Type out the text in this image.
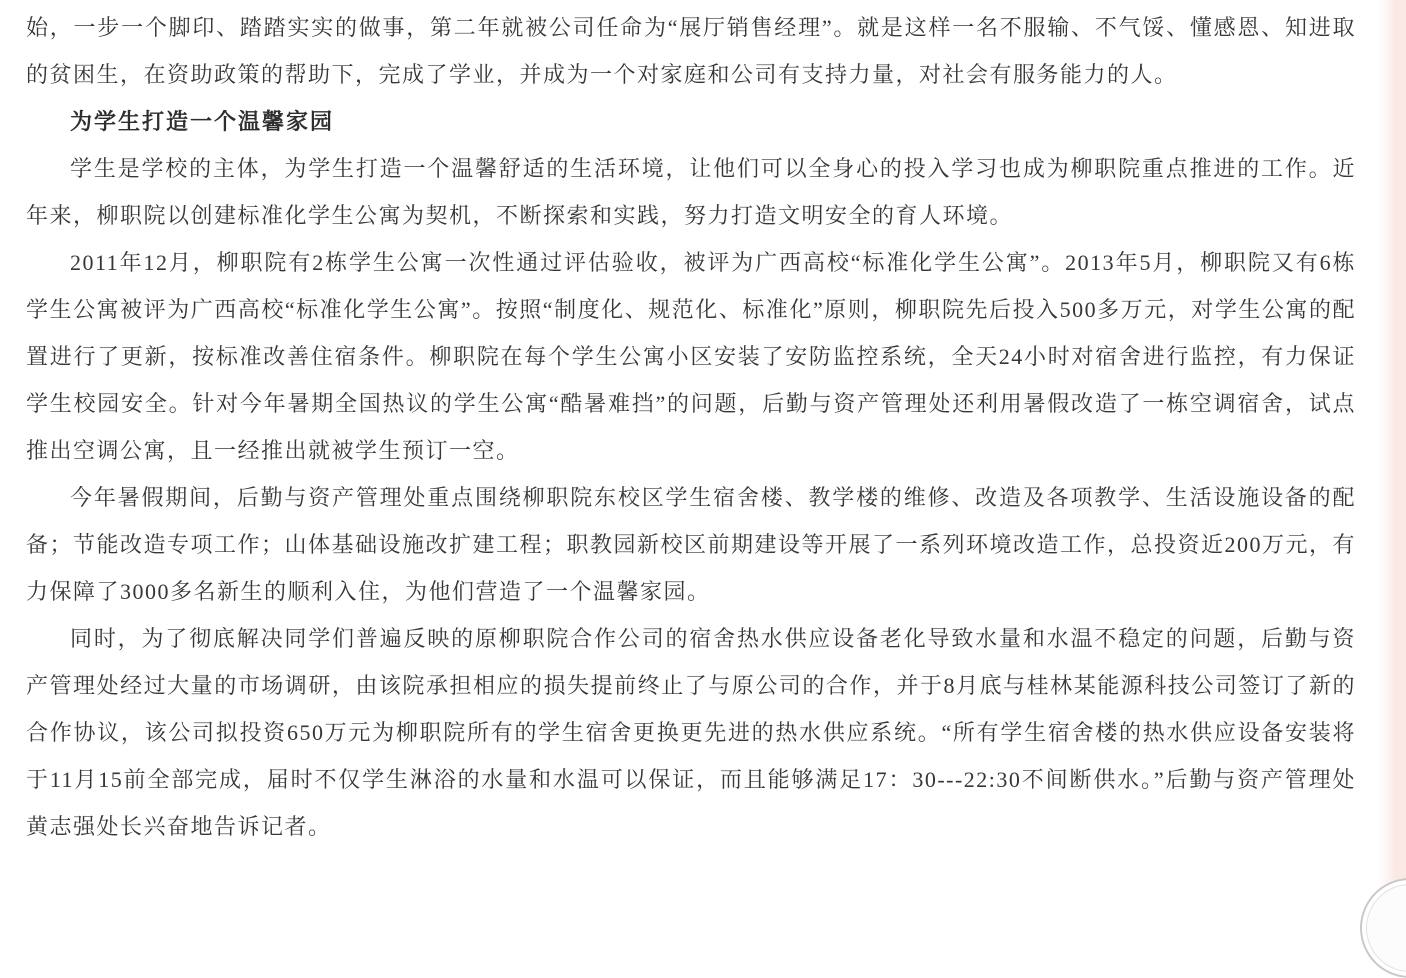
始，一步一个脚印、踏踏实实的做事，第二年就被公司任命为“展厅销售经理”。就是这样一名不服输、不气馁、懂感恩、知进取的贫困生，在资助政策的帮助下，完成了学业，并成为一个对家庭和公司有支持力量，对社会有服务能力的人。

为学生打造一个温馨家园

学生是学校的主体，为学生打造一个温馨舒适的生活环境，让他们可以全身心的投入学习也成为柳职院重点推进的工作。近年来，柳职院以创建标准化学生公寓为契机，不断探索和实践，努力打造文明安全的育人环境。

2011年12月，柳职院有2栋学生公寓一次性通过评估验收，被评为广西高校“标准化学生公寓”。2013年5月，柳职院又有6栋学生公寓被评为广西高校“标准化学生公寓”。按照“制度化、规范化、标准化”原则，柳职院先后投入500多万元，对学生公寓的配置进行了更新，按标准改善住宿条件。柳职院在每个学生公寓小区安装了安防监控系统，全天24小时对宿舍进行监控，有力保证学生校园安全。针对今年暑期全国热议的学生公寓“酷暑难挡”的问题，后勤与资产管理处还利用暑假改造了一栋空调宿舍，试点推出空调公寓，且一经推出就被学生预订一空。

今年暑假期间，后勤与资产管理处重点围绕柳职院东校区学生宿舍楼、教学楼的维修、改造及各项教学、生活设施设备的配备；节能改造专项工作；山体基础设施改扩建工程；职教园新校区前期建设等开展了一系列环境改造工作，总投资近200万元，有力保障了3000多名新生的顺利入住，为他们营造了一个温馨家园。

同时，为了彻底解决同学们普遍反映的原柳职院合作公司的宿舍热水供应设备老化导致水量和水温不稳定的问题，后勤与资产管理处经过大量的市场调研，由该院承担相应的损失提前终止了与原公司的合作，并于8月底与桂林某能源科技公司签订了新的合作协议，该公司拟投资650万元为柳职院所有的学生宿舍更换更先进的热水供应系统。“所有学生宿舍楼的热水供应设备安装将于11月15前全部完成，届时不仅学生淋浴的水量和水温可以保证，而且能够满足17：30---22:30不间断供水。”后勤与资产管理处黄志强处长兴奋地告诉记者。
